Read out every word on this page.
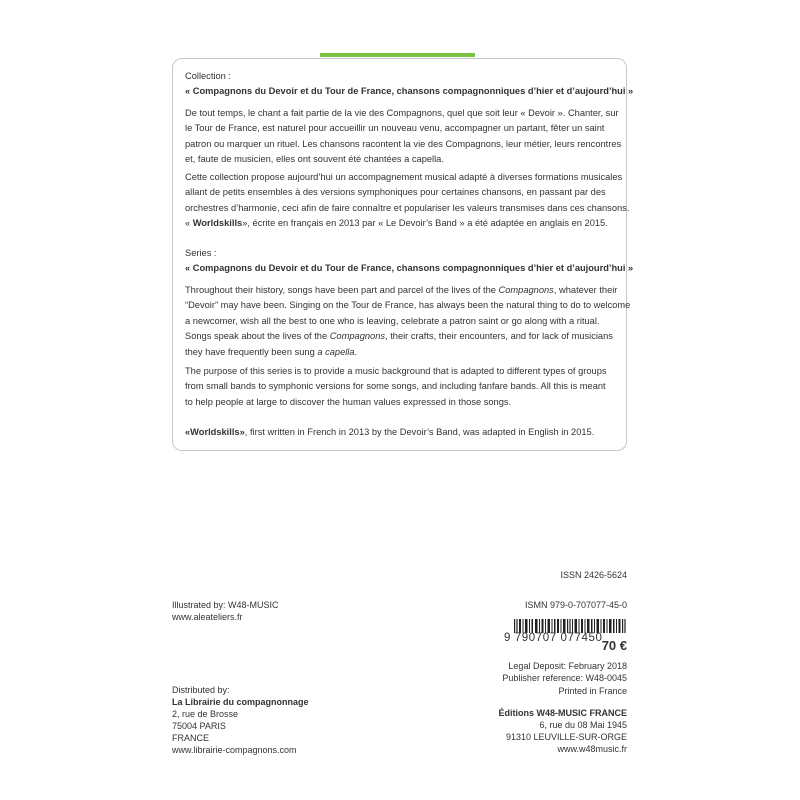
Collection :
« Compagnons du Devoir et du Tour de France, chansons compagnonniques d’hier et d’aujourd’hui »
De tout temps, le chant a fait partie de la vie des Compagnons, quel que soit leur « Devoir ». Chanter, sur
le Tour de France, est naturel pour accueillir un nouveau venu, accompagner un partant, fêter un saint
patron ou marquer un rituel. Les chansons racontent la vie des Compagnons, leur métier, leurs rencontres
et, faute de musicien, elles ont souvent été chantées a capella.
Cette collection propose aujourd’hui un accompagnement musical adapté à diverses formations musicales
allant de petits ensembles à des versions symphoniques pour certaines chansons, en passant par des
orchestres d’harmonie, ceci afin de faire connaître et populariser les valeurs transmises dans ces chansons.
« Worldskills», écrite en français en 2013 par « Le Devoir’s Band » a été adaptée en anglais en 2015.
Series :
« Compagnons du Devoir et du Tour de France, chansons compagnonniques d’hier et d’aujourd’hui »
Throughout their history, songs have been part and parcel of the lives of the Compagnons, whatever their
“Devoir” may have been. Singing on the Tour de France, has always been the natural thing to do to welcome
a newcomer, wish all the best to one who is leaving, celebrate a patron saint or go along with a ritual.
Songs speak about the lives of the Compagnons, their crafts, their encounters, and for lack of musicians
they have frequently been sung a capella.
The purpose of this series is to provide a music background that is adapted to different types of groups
from small bands to symphonic versions for some songs, and including fanfare bands. All this is meant
to help people at large to discover the human values expressed in those songs.
«Worldskills», first written in French in 2013 by the Devoir’s Band, was adapted in English in 2015.
ISSN 2426-5624
ISMN 979-0-707077-45-0
9 790707 077450 70 €
Legal Deposit: February 2018
Publisher reference: W48-0045
Printed in France
Éditions W48-MUSIC FRANCE
6, rue du 08 Mai 1945
91310 LEUVILLE-SUR-ORGE
www.w48music.fr
Illustrated by: W48-MUSIC
www.aleateliers.fr
Distributed by:
La Librairie du compagnonnage
2, rue de Brosse
75004 PARIS
FRANCE
www.librairie-compagnons.com
